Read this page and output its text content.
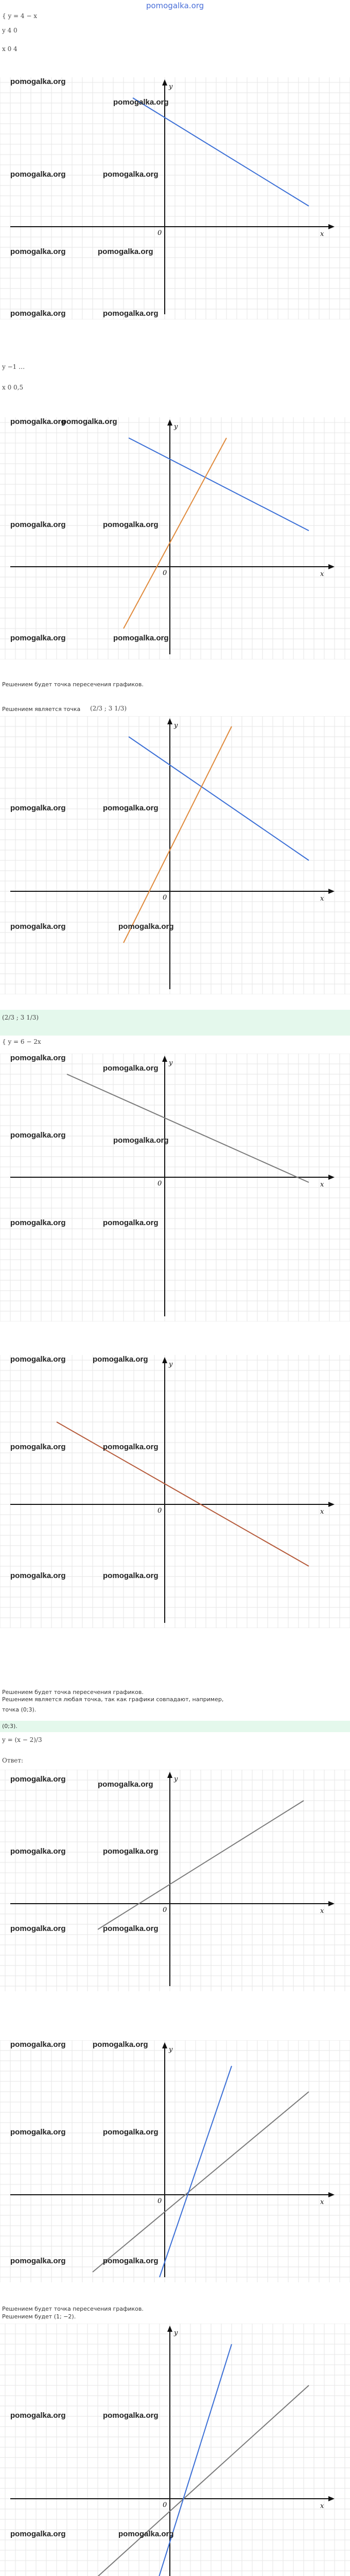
pomogalka.org
{ y = 4 − x
y 4 0
x 0 4
x
y
0
pomogalka.org
pomogalka.org
pomogalka.org	pomogalka.org
pomogalka.org	pomogalka.org
pomogalka.org	pomogalka.org
y −1 …
x 0 0,5
x
y
0
pomogalka.org
pomogalka.org
pomogalka.org	pomogalka.org
pomogalka.org	pomogalka.org
Решением будет точка пересечения графиков.
Решением является точка (2/3 ; 3 1/3)
x
y
0
pomogalka.org	pomogalka.org
pomogalka.org	pomogalka.org
(2/3 ; 3 1/3)
{ y = 6 − 2x
x
y
0
pomogalka.org
pomogalka.org
pomogalka.org
pomogalka.org
pomogalka.org	pomogalka.org
x
y
0
pomogalka.org	pomogalka.org
pomogalka.org	pomogalka.org
pomogalka.org	pomogalka.org
Решением будет точка пересечения графиков.
Решением является любая точка, так как графики совпадают, например,
точка (0;3).
(0;3).
y = (x − 2)/3
Ответ:
x
y
0
pomogalka.org
pomogalka.org
pomogalka.org	pomogalka.org
pomogalka.org	pomogalka.org
x
y
0
pomogalka.org	pomogalka.org
pomogalka.org	pomogalka.org
pomogalka.org	pomogalka.org
Решением будет точка пересечения графиков.
Решением будет (1; −2).
x
y
0
pomogalka.org	pomogalka.org
pomogalka.org	pomogalka.org
